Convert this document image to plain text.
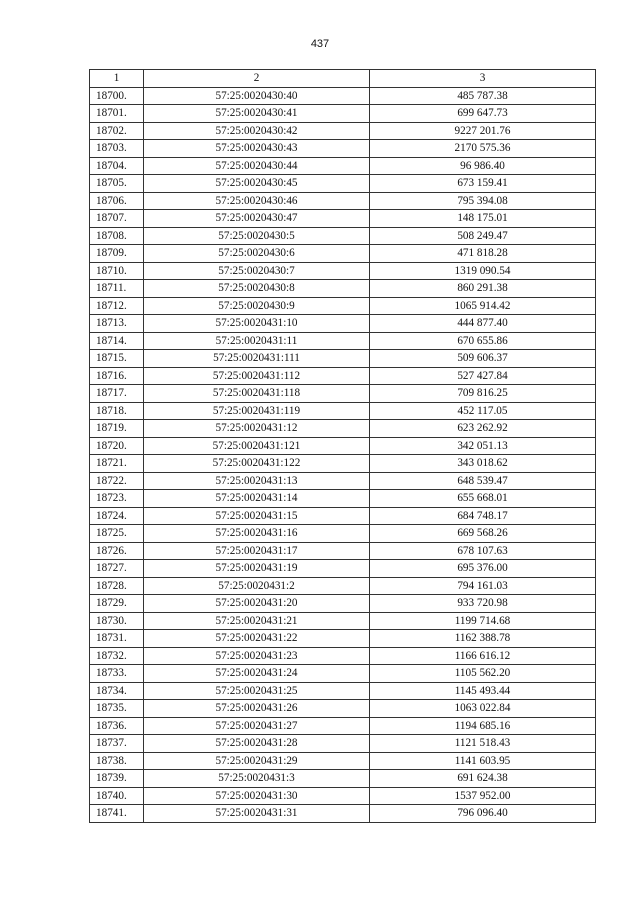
437
1	2	3
18700.	57:25:0020430:40	485 787.38
18701.	57:25:0020430:41	699 647.73
18702.	57:25:0020430:42	9227 201.76
18703.	57:25:0020430:43	2170 575.36
18704.	57:25:0020430:44	96 986.40
18705.	57:25:0020430:45	673 159.41
18706.	57:25:0020430:46	795 394.08
18707.	57:25:0020430:47	148 175.01
18708.	57:25:0020430:5	508 249.47
18709.	57:25:0020430:6	471 818.28
18710.	57:25:0020430:7	1319 090.54
18711.	57:25:0020430:8	860 291.38
18712.	57:25:0020430:9	1065 914.42
18713.	57:25:0020431:10	444 877.40
18714.	57:25:0020431:11	670 655.86
18715.	57:25:0020431:111	509 606.37
18716.	57:25:0020431:112	527 427.84
18717.	57:25:0020431:118	709 816.25
18718.	57:25:0020431:119	452 117.05
18719.	57:25:0020431:12	623 262.92
18720.	57:25:0020431:121	342 051.13
18721.	57:25:0020431:122	343 018.62
18722.	57:25:0020431:13	648 539.47
18723.	57:25:0020431:14	655 668.01
18724.	57:25:0020431:15	684 748.17
18725.	57:25:0020431:16	669 568.26
18726.	57:25:0020431:17	678 107.63
18727.	57:25:0020431:19	695 376.00
18728.	57:25:0020431:2	794 161.03
18729.	57:25:0020431:20	933 720.98
18730.	57:25:0020431:21	1199 714.68
18731.	57:25:0020431:22	1162 388.78
18732.	57:25:0020431:23	1166 616.12
18733.	57:25:0020431:24	1105 562.20
18734.	57:25:0020431:25	1145 493.44
18735.	57:25:0020431:26	1063 022.84
18736.	57:25:0020431:27	1194 685.16
18737.	57:25:0020431:28	1121 518.43
18738.	57:25:0020431:29	1141 603.95
18739.	57:25:0020431:3	691 624.38
18740.	57:25:0020431:30	1537 952.00
18741.	57:25:0020431:31	796 096.40
